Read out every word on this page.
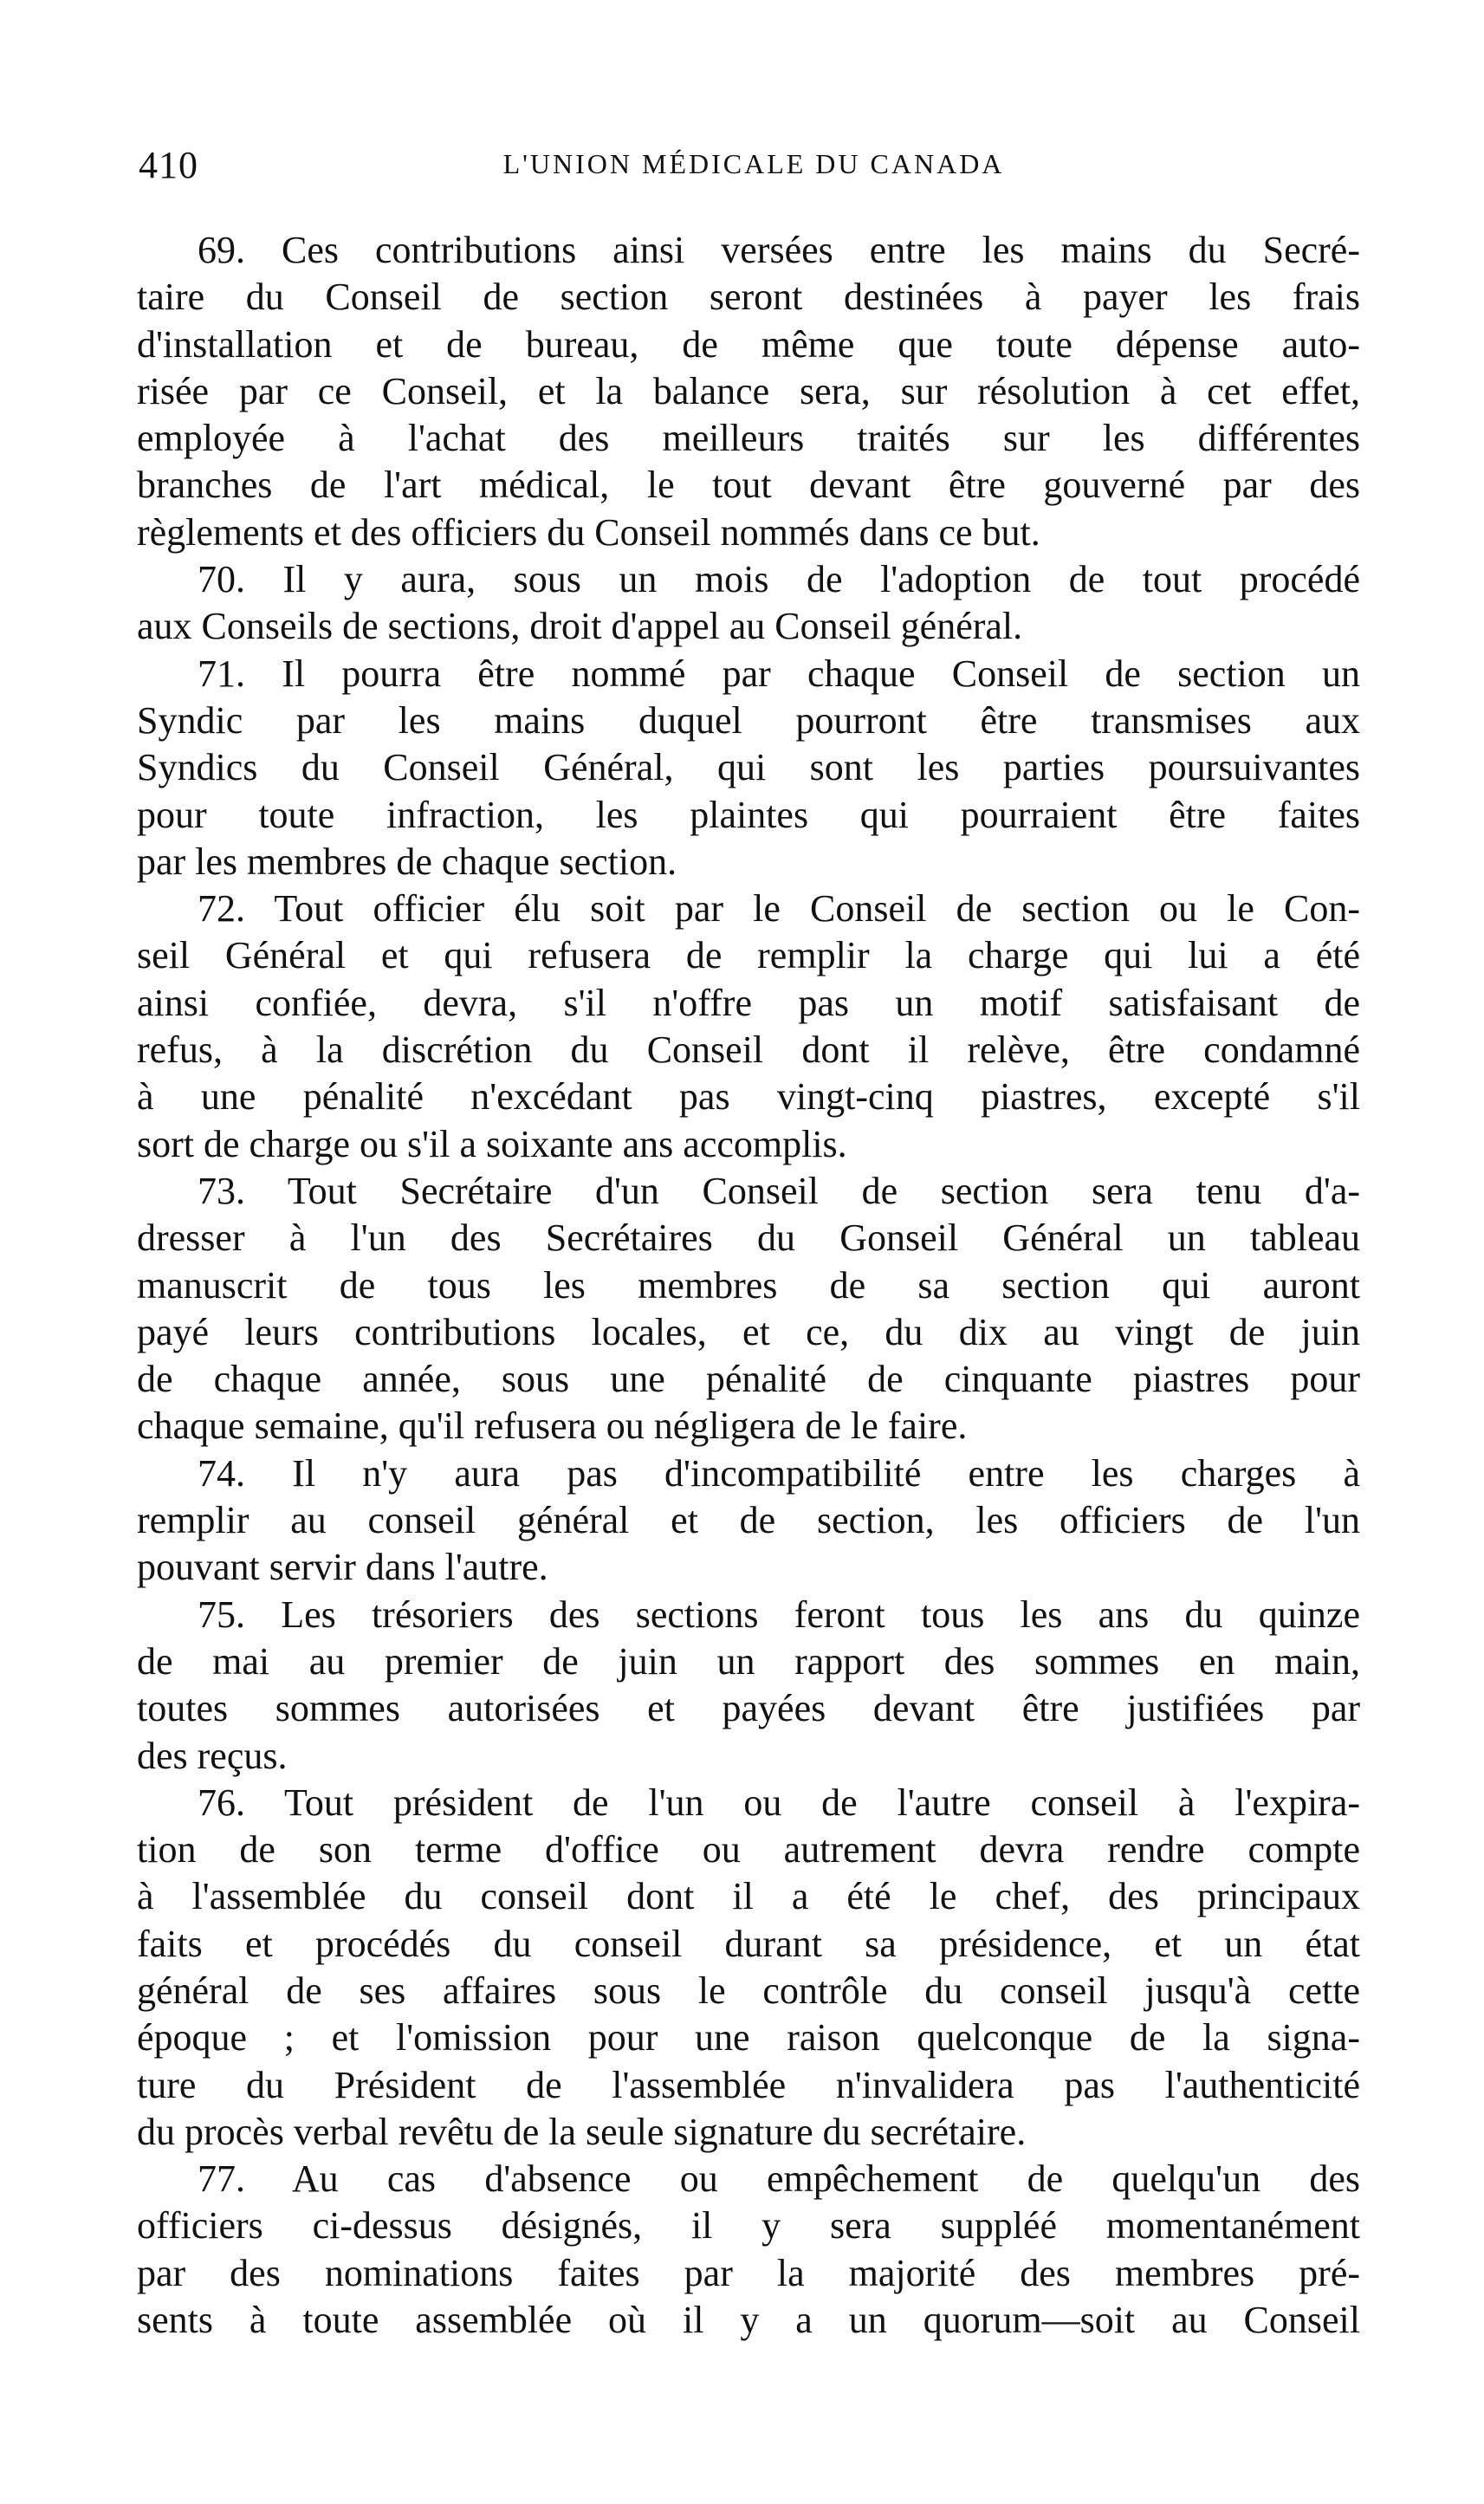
410	L'UNION MÉDICALE DU CANADA
69. Ces contributions ainsi versées entre les mains du Secré-
taire du Conseil de section seront destinées à payer les frais
d'installation et de bureau, de même que toute dépense auto-
risée par ce Conseil, et la balance sera, sur résolution à cet effet,
employée à l'achat des meilleurs traités sur les différentes
branches de l'art médical, le tout devant être gouverné par des
règlements et des officiers du Conseil nommés dans ce but.
70. Il y aura, sous un mois de l'adoption de tout procédé
aux Conseils de sections, droit d'appel au Conseil général.
71. Il pourra être nommé par chaque Conseil de section un
Syndic par les mains duquel pourront être transmises aux
Syndics du Conseil Général, qui sont les parties poursuivantes
pour toute infraction, les plaintes qui pourraient être faites
par les membres de chaque section.
72. Tout officier élu soit par le Conseil de section ou le Con-
seil Général et qui refusera de remplir la charge qui lui a été
ainsi confiée, devra, s'il n'offre pas un motif satisfaisant de
refus, à la discrétion du Conseil dont il relève, être condamné
à une pénalité n'excédant pas vingt-cinq piastres, excepté s'il
sort de charge ou s'il a soixante ans accomplis.
73. Tout Secrétaire d'un Conseil de section sera tenu d'a-
dresser à l'un des Secrétaires du Gonseil Général un tableau
manuscrit de tous les membres de sa section qui auront
payé leurs contributions locales, et ce, du dix au vingt de juin
de chaque année, sous une pénalité de cinquante piastres pour
chaque semaine, qu'il refusera ou négligera de le faire.
74. Il n'y aura pas d'incompatibilité entre les charges à
remplir au conseil général et de section, les officiers de l'un
pouvant servir dans l'autre.
75. Les trésoriers des sections feront tous les ans du quinze
de mai au premier de juin un rapport des sommes en main,
toutes sommes autorisées et payées devant être justifiées par
des reçus.
76. Tout président de l'un ou de l'autre conseil à l'expira-
tion de son terme d'office ou autrement devra rendre compte
à l'assemblée du conseil dont il a été le chef, des principaux
faits et procédés du conseil durant sa présidence, et un état
général de ses affaires sous le contrôle du conseil jusqu'à cette
époque ; et l'omission pour une raison quelconque de la signa-
ture du Président de l'assemblée n'invalidera pas l'authenticité
du procès verbal revêtu de la seule signature du secrétaire.
77. Au cas d'absence ou empêchement de quelqu'un des
officiers ci-dessus désignés, il y sera suppléé momentanément
par des nominations faites par la majorité des membres pré-
sents à toute assemblée où il y a un quorum—soit au Conseil
